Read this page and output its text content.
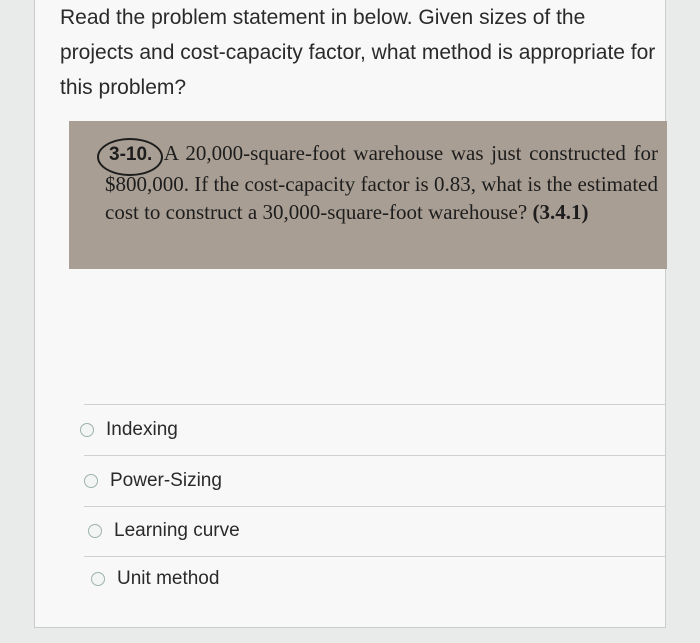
Read the problem statement in below. Given sizes of the projects and cost-capacity factor, what method is appropriate for this problem?

3-10. A 20,000-square-foot warehouse was just constructed for $800,000. If the cost-capacity factor is 0.83, what is the estimated cost to construct a 30,000-square-foot warehouse? (3.4.1)

Indexing
Power-Sizing
Learning curve
Unit method
